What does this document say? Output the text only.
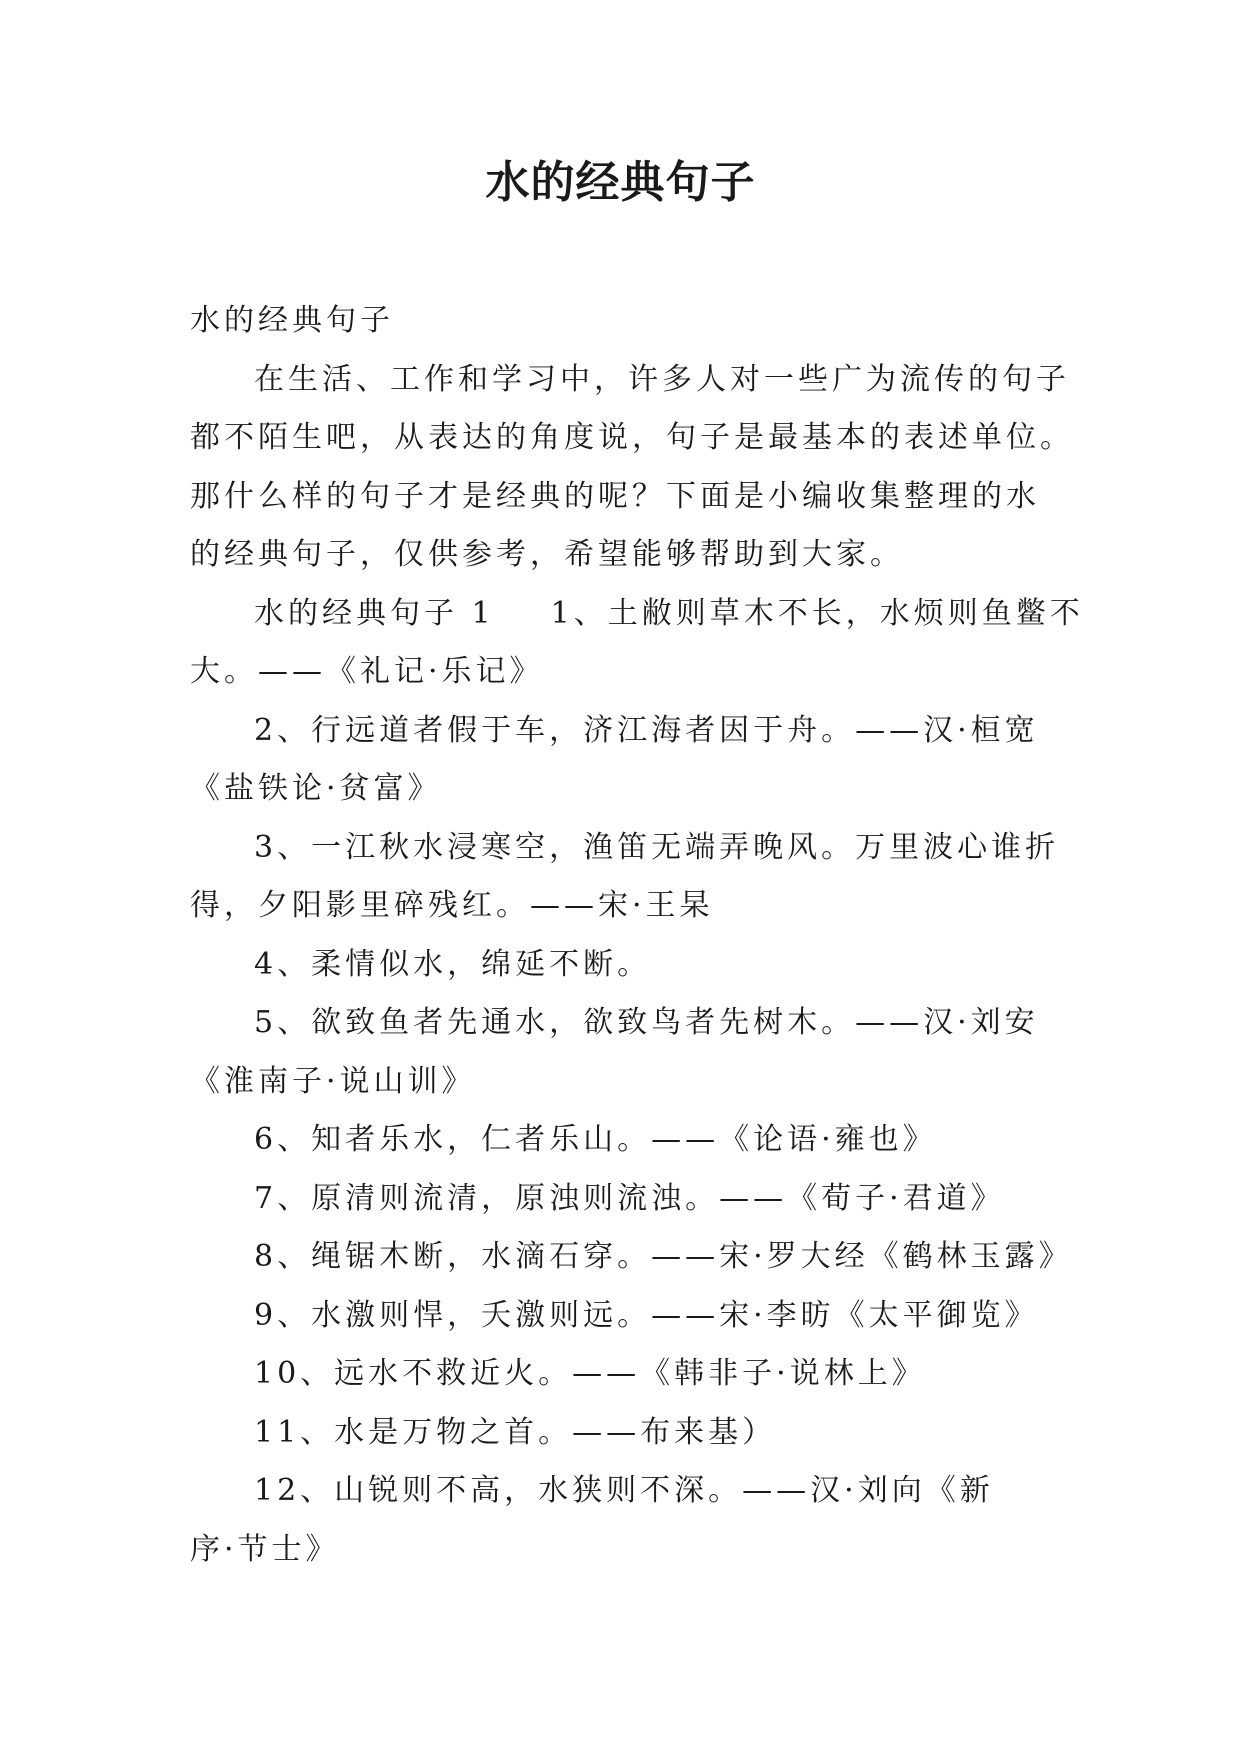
水的经典句子
水的经典句子
在生活、工作和学习中，许多人对一些广为流传的句子
都不陌生吧，从表达的角度说，句子是最基本的表述单位。
那什么样的句子才是经典的呢？下面是小编收集整理的水
的经典句子，仅供参考，希望能够帮助到大家。
水的经典句子 1 1、土敝则草木不长，水烦则鱼鳖不
大。——《礼记·乐记》
2、行远道者假于车，济江海者因于舟。——汉·桓宽
《盐铁论·贫富》
3、一江秋水浸寒空，渔笛无端弄晚风。万里波心谁折
得，夕阳影里碎残红。——宋·王杲
4、柔情似水，绵延不断。
5、欲致鱼者先通水，欲致鸟者先树木。——汉·刘安
《淮南子·说山训》
6、知者乐水，仁者乐山。——《论语·雍也》
7、原清则流清，原浊则流浊。——《荀子·君道》
8、绳锯木断，水滴石穿。——宋·罗大经《鹤林玉露》
9、水激则悍，夭激则远。——宋·李昉《太平御览》
10、远水不救近火。——《韩非子·说林上》
11、水是万物之首。——布来基）
12、山锐则不高，水狭则不深。——汉·刘向《新
序·节士》
